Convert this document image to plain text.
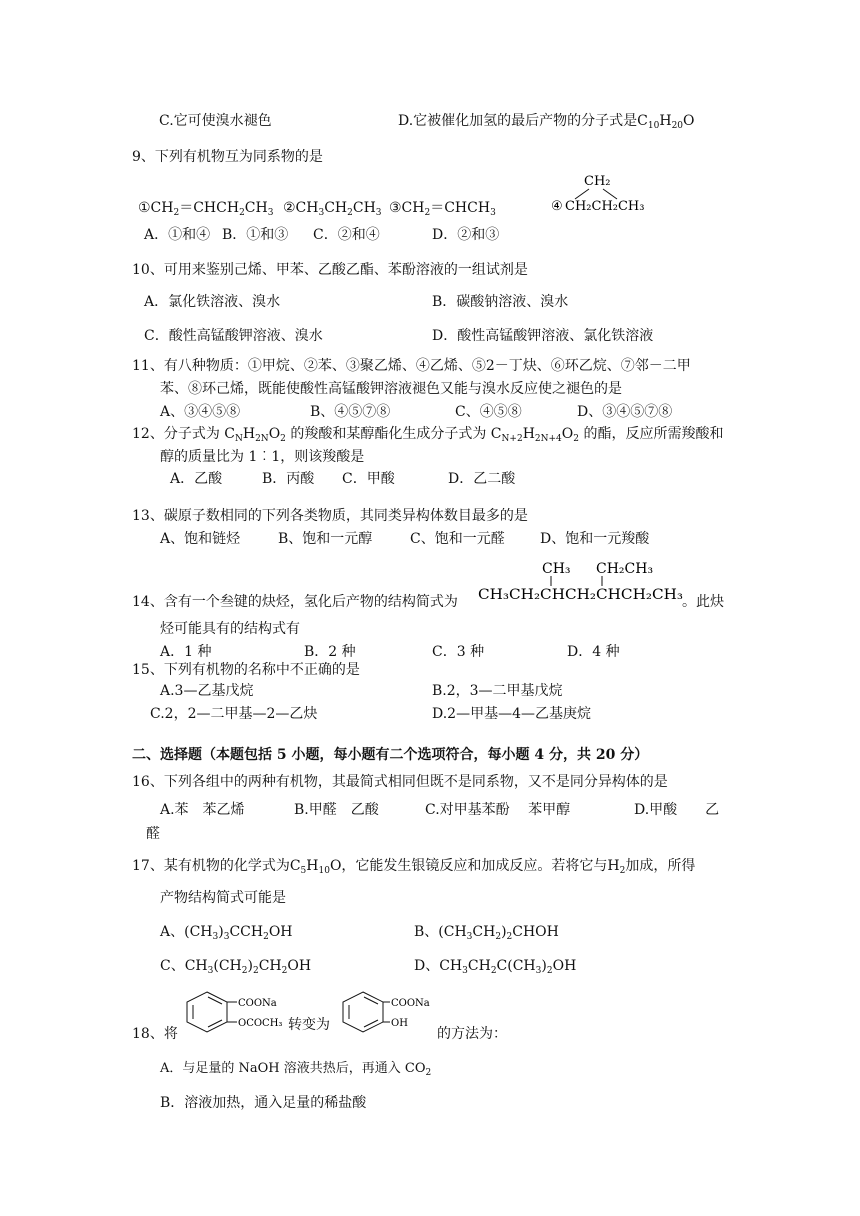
C.它可使溴水褪色	D.它被催化加氢的最后产物的分子式是$C_{10}H_{20}O$
9、下列有机物互为同系物的是
$①CH_2=CHCH_2CH_3$ $②CH_3CH_2CH_3$ $③CH_2=CHCH_3$	④
CH₂
CH₂CH₂CH₃
A．①和④ B．①和③ C．②和④	D．②和③
10、可用来鉴别己烯、甲苯、乙酸乙酯、苯酚溶液的一组试剂是
A．氯化铁溶液、溴水	B．碳酸钠溶液、溴水
C．酸性高锰酸钾溶液、溴水	D．酸性高锰酸钾溶液、氯化铁溶液
11、有八种物质：①甲烷、②苯、③聚乙烯、④乙烯、⑤2－丁炔、⑥环乙烷、⑦邻－二甲
苯、⑧环己烯，既能使酸性高锰酸钾溶液褪色又能与溴水反应使之褪色的是
A、③④⑤⑧	B、④⑤⑦⑧	C、④⑤⑧	D、③④⑤⑦⑧
12、分子式为 $C_NH_{2N}O_2$ 的羧酸和某醇酯化生成分子式为 $C_{N+2}H_{2N+4}O_2$ 的酯，反应所需羧酸和
醇的质量比为 1︰1，则该羧酸是
A．乙酸	B．丙酸 C．甲酸	D．乙二酸
13、碳原子数相同的下列各类物质，其同类异构体数目最多的是
A、饱和链烃	B、饱和一元醇	C、饱和一元醛	D、饱和一元羧酸
14、含有一个叁键的炔烃，氢化后产物的结构简式为
CH₃ CH₂CH₃
CH₃CH₂CHCH₂CHCH₂CH₃ 。此炔
烃可能具有的结构式有
A．1 种	B．2 种	C．3 种	D．4 种
15、下列有机物的名称中不正确的是
A.3—乙基戊烷	B.2，3—二甲基戊烷
C.2，2—二甲基—2—乙炔	D.2—甲基—4—乙基庚烷
二、选择题（本题包括 5 小题，每小题有二个选项符合，每小题 4 分，共 20 分）
16、下列各组中的两种有机物，其最简式相同但既不是同系物，又不是同分异构体的是
A.苯　苯乙烯	B.甲醛　乙酸	C.对甲基苯酚　 苯甲醇	D.甲酸　　乙
醛
17、某有机物的化学式为$C_5H_{10}O$，它能发生银镜反应和加成反应。若将它与$H_2$加成，所得
产物结构简式可能是
A、$(CH_3)_3CCH_2OH$	B、$(CH_3CH_2)_2CHOH$
C、$CH_3(CH_2)_2CH_2OH$	D、$CH_3CH_2C(CH_3)_2OH$
18、将
COONa
OCOCH₃ 转变为
COONa
OH
的方法为：
A．与足量的 NaOH 溶液共热后，再通入 $CO_2$
B．溶液加热，通入足量的稀盐酸
